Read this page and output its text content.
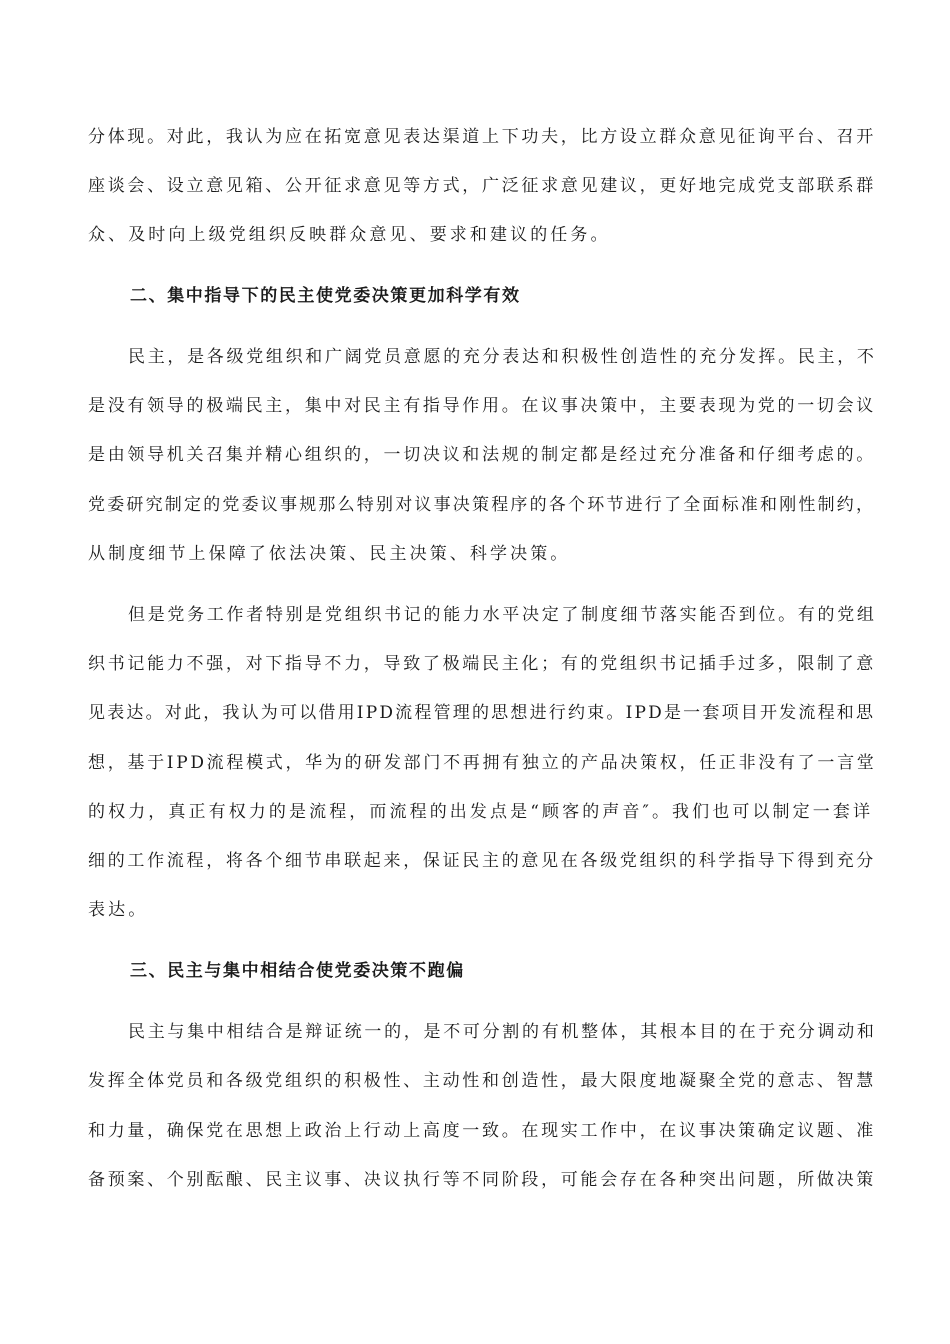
分体现。对此，我认为应在拓宽意见表达渠道上下功夫，比方设立群众意见征询平台、召开
座谈会、设立意见箱、公开征求意见等方式，广泛征求意见建议，更好地完成党支部联系群
众、及时向上级党组织反映群众意见、要求和建议的任务。
二、集中指导下的民主使党委决策更加科学有效
民主，是各级党组织和广阔党员意愿的充分表达和积极性创造性的充分发挥。民主，不
是没有领导的极端民主，集中对民主有指导作用。在议事决策中，主要表现为党的一切会议
是由领导机关召集并精心组织的，一切决议和法规的制定都是经过充分准备和仔细考虑的。
党委研究制定的党委议事规那么特别对议事决策程序的各个环节进行了全面标准和刚性制约，
从制度细节上保障了依法决策、民主决策、科学决策。
但是党务工作者特别是党组织书记的能力水平决定了制度细节落实能否到位。有的党组
织书记能力不强，对下指导不力，导致了极端民主化；有的党组织书记插手过多，限制了意
见表达。对此，我认为可以借用IPD流程管理的思想进行约束。IPD是一套项目开发流程和思
想，基于IPD流程模式，华为的研发部门不再拥有独立的产品决策权，任正非没有了一言堂
的权力，真正有权力的是流程，而流程的出发点是“顾客的声音″。我们也可以制定一套详
细的工作流程，将各个细节串联起来，保证民主的意见在各级党组织的科学指导下得到充分
表达。
三、民主与集中相结合使党委决策不跑偏
民主与集中相结合是辩证统一的，是不可分割的有机整体，其根本目的在于充分调动和
发挥全体党员和各级党组织的积极性、主动性和创造性，最大限度地凝聚全党的意志、智慧
和力量，确保党在思想上政治上行动上高度一致。在现实工作中，在议事决策确定议题、准
备预案、个别酝酿、民主议事、决议执行等不同阶段，可能会存在各种突出问题，所做决策
